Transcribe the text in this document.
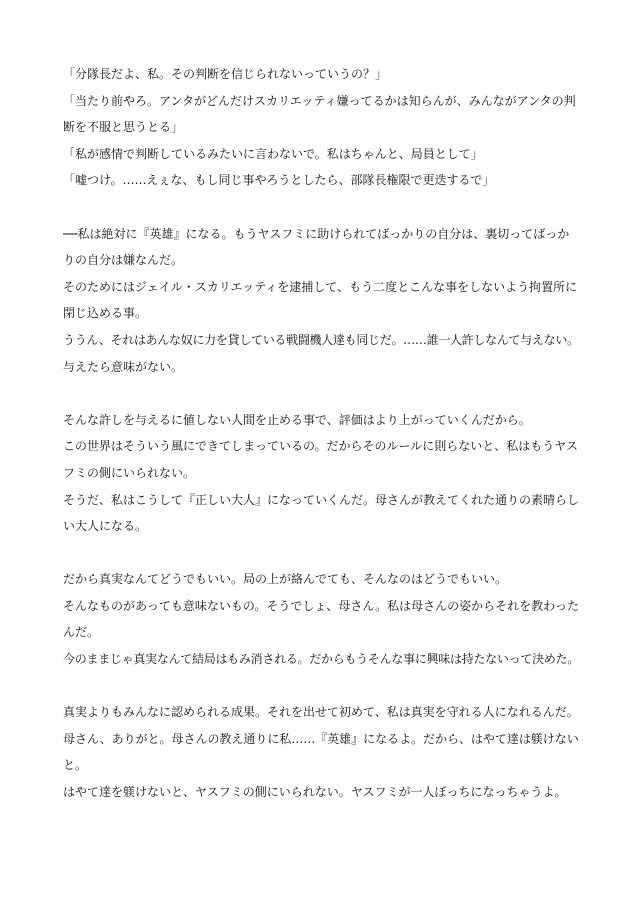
「分隊長だよ、私。その判断を信じられないっていうの？」
「当たり前やろ。アンタがどんだけスカリエッティ嫌ってるかは知らんが、みんながアンタの判
断を不服と思うとる」
「私が感情で判断しているみたいに言わないで。私はちゃんと、局員として」
「嘘つけ。……えぇな、もし同じ事やろうとしたら、部隊長権限で更迭するで」
──私は絶対に『英雄』になる。もうヤスフミに助けられてばっかりの自分は、裏切ってばっか
りの自分は嫌なんだ。
そのためにはジェイル・スカリエッティを逮捕して、もう二度とこんな事をしないよう拘置所に
閉じ込める事。
ううん、それはあんな奴に力を貸している戦闘機人達も同じだ。……誰一人許しなんて与えない。
与えたら意味がない。
そんな許しを与えるに値しない人間を止める事で、評価はより上がっていくんだから。
この世界はそういう風にできてしまっているの。だからそのルールに則らないと、私はもうヤス
フミの側にいられない。
そうだ、私はこうして『正しい大人』になっていくんだ。母さんが教えてくれた通りの素晴らし
い大人になる。
だから真実なんてどうでもいい。局の上が絡んでても、そんなのはどうでもいい。
そんなものがあっても意味ないもの。そうでしょ、母さん。私は母さんの姿からそれを教わった
んだ。
今のままじゃ真実なんて結局はもみ消される。だからもうそんな事に興味は持たないって決めた。
真実よりもみんなに認められる成果。それを出せて初めて、私は真実を守れる人になれるんだ。
母さん、ありがと。母さんの教え通りに私……『英雄』になるよ。だから、はやて達は躾けない
と。
はやて達を躾けないと、ヤスフミの側にいられない。ヤスフミが一人ぼっちになっちゃうよ。
